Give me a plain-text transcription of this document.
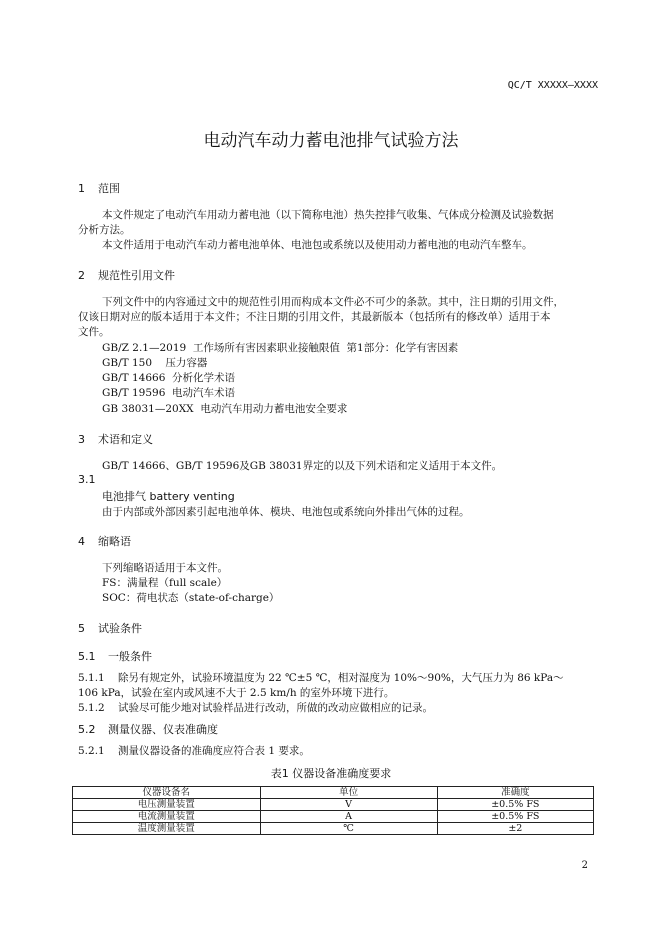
QC/T XXXXX—XXXX
电动汽车动力蓄电池排气试验方法
1 范围
本文件规定了电动汽车用动力蓄电池（以下简称电池）热失控排气收集、气体成分检测及试验数据
分析方法。
本文件适用于电动汽车动力蓄电池单体、电池包或系统以及使用动力蓄电池的电动汽车整车。
2 规范性引用文件
下列文件中的内容通过文中的规范性引用而构成本文件必不可少的条款。其中，注日期的引用文件，
仅该日期对应的版本适用于本文件；不注日期的引用文件，其最新版本（包括所有的修改单）适用于本
文件。
GB/Z 2.1—2019  工作场所有害因素职业接触限值  第1部分：化学有害因素
GB/T 150    压力容器
GB/T 14666  分析化学术语
GB/T 19596  电动汽车术语
GB 38031—20XX  电动汽车用动力蓄电池安全要求
3 术语和定义
GB/T 14666、GB/T 19596及GB 38031界定的以及下列术语和定义适用于本文件。
3.1
电池排气 battery venting
由于内部或外部因素引起电池单体、模块、电池包或系统向外排出气体的过程。
4 缩略语
下列缩略语适用于本文件。
FS：满量程（full scale）
SOC：荷电状态（state-of-charge）
5 试验条件
5.1 一般条件
5.1.1 除另有规定外，试验环境温度为 22 ℃±5 ℃，相对湿度为 10%～90%，大气压力为 86 kPa～
106 kPa，试验在室内或风速不大于 2.5 km/h 的室外环境下进行。
5.1.2 试验尽可能少地对试验样品进行改动，所做的改动应做相应的记录。
5.2 测量仪器、仪表准确度
5.2.1 测量仪器设备的准确度应符合表 1 要求。
表1 仪器设备准确度要求
仪器设备名	单位	准确度
电压测量装置	V	±0.5% FS
电流测量装置	A	±0.5% FS
温度测量装置	℃	±2
2
